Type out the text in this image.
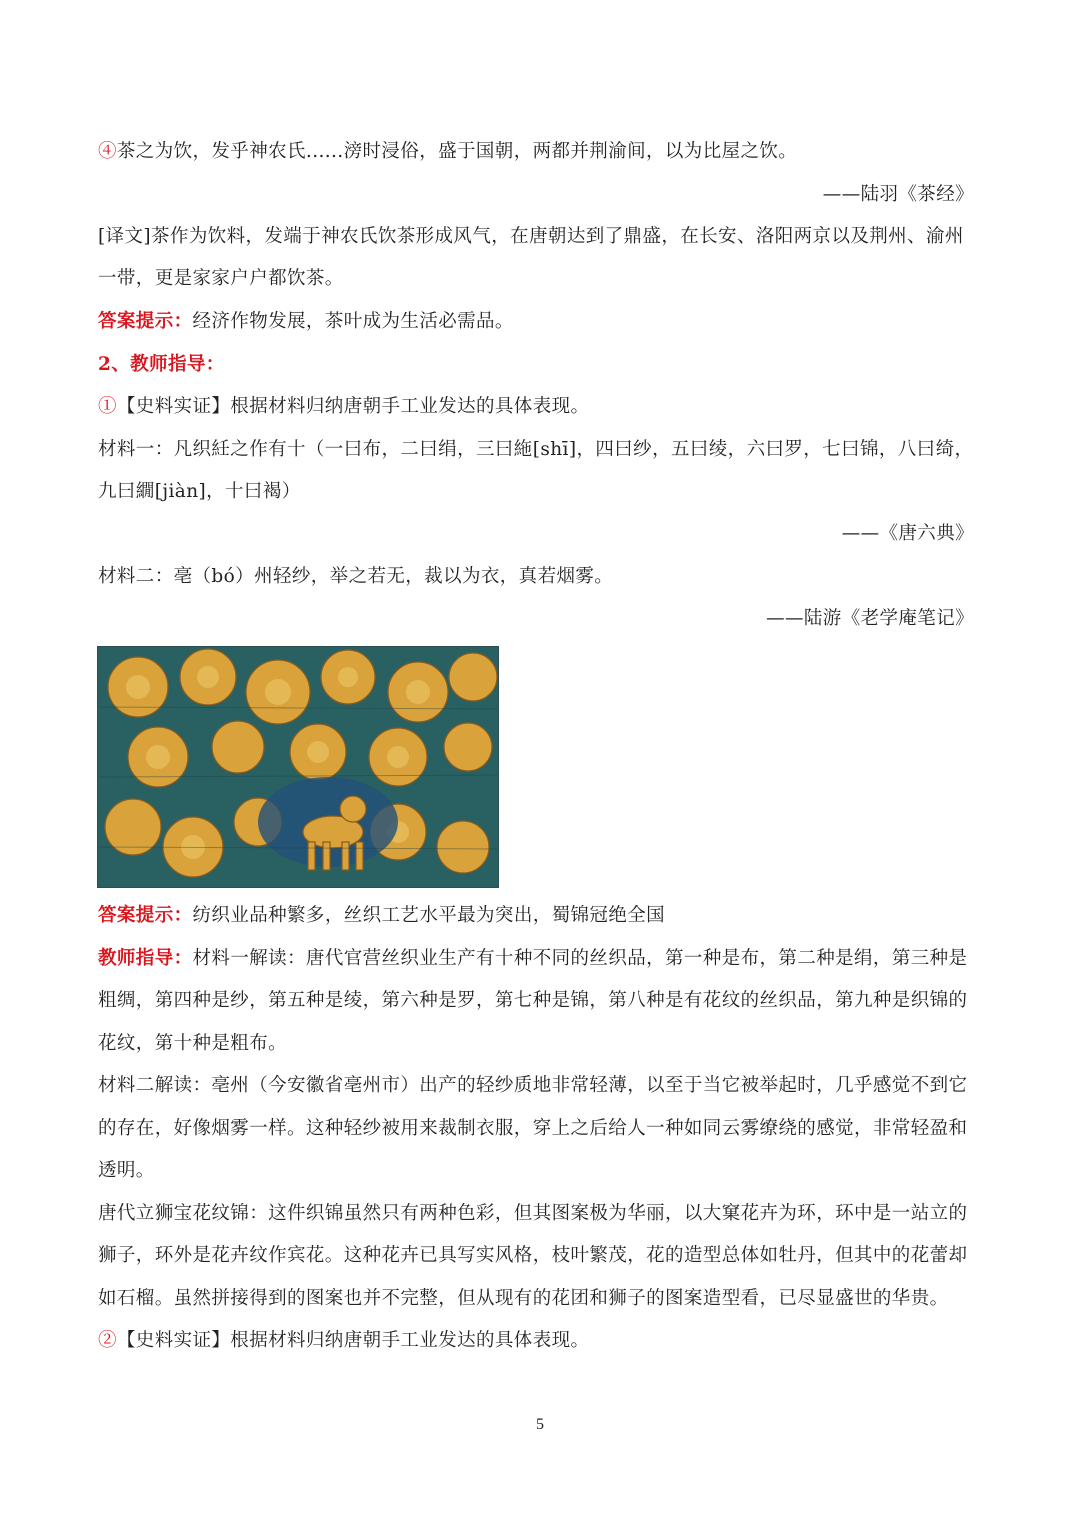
④茶之为饮，发乎神农氏......滂时浸俗，盛于国朝，两都并荆渝间，以为比屋之饮。
——陆羽《茶经》
[译文]茶作为饮料，发端于神农氏饮茶形成风气，在唐朝达到了鼎盛，在长安、洛阳两京以及荆州、渝州
一带，更是家家户户都饮茶。
答案提示：经济作物发展，茶叶成为生活必需品。
2、教师指导：
①【史料实证】根据材料归纳唐朝手工业发达的具体表现。
材料一：凡织紝之作有十（一曰布，二曰绢，三曰絁[shī]，四曰纱，五曰绫，六曰罗，七曰锦，八曰绮，
九曰繝[jiàn]，十曰褐）
——《唐六典》
材料二：亳（bó）州轻纱，举之若无，裁以为衣，真若烟雾。
——陆游《老学庵笔记》
答案提示：纺织业品种繁多，丝织工艺水平最为突出，蜀锦冠绝全国
教师指导：材料一解读：唐代官营丝织业生产有十种不同的丝织品，第一种是布，第二种是绢，第三种是
粗绸，第四种是纱，第五种是绫，第六种是罗，第七种是锦，第八种是有花纹的丝织品，第九种是织锦的
花纹，第十种是粗布。
材料二解读：亳州（今安徽省亳州市）出产的轻纱质地非常轻薄，以至于当它被举起时，几乎感觉不到它
的存在，好像烟雾一样。这种轻纱被用来裁制衣服，穿上之后给人一种如同云雾缭绕的感觉，非常轻盈和
透明。
唐代立狮宝花纹锦：这件织锦虽然只有两种色彩，但其图案极为华丽，以大窠花卉为环，环中是一站立的
狮子，环外是花卉纹作宾花。这种花卉已具写实风格，枝叶繁茂，花的造型总体如牡丹，但其中的花蕾却
如石榴。虽然拼接得到的图案也并不完整，但从现有的花团和狮子的图案造型看，已尽显盛世的华贵。
②【史料实证】根据材料归纳唐朝手工业发达的具体表现。
5
